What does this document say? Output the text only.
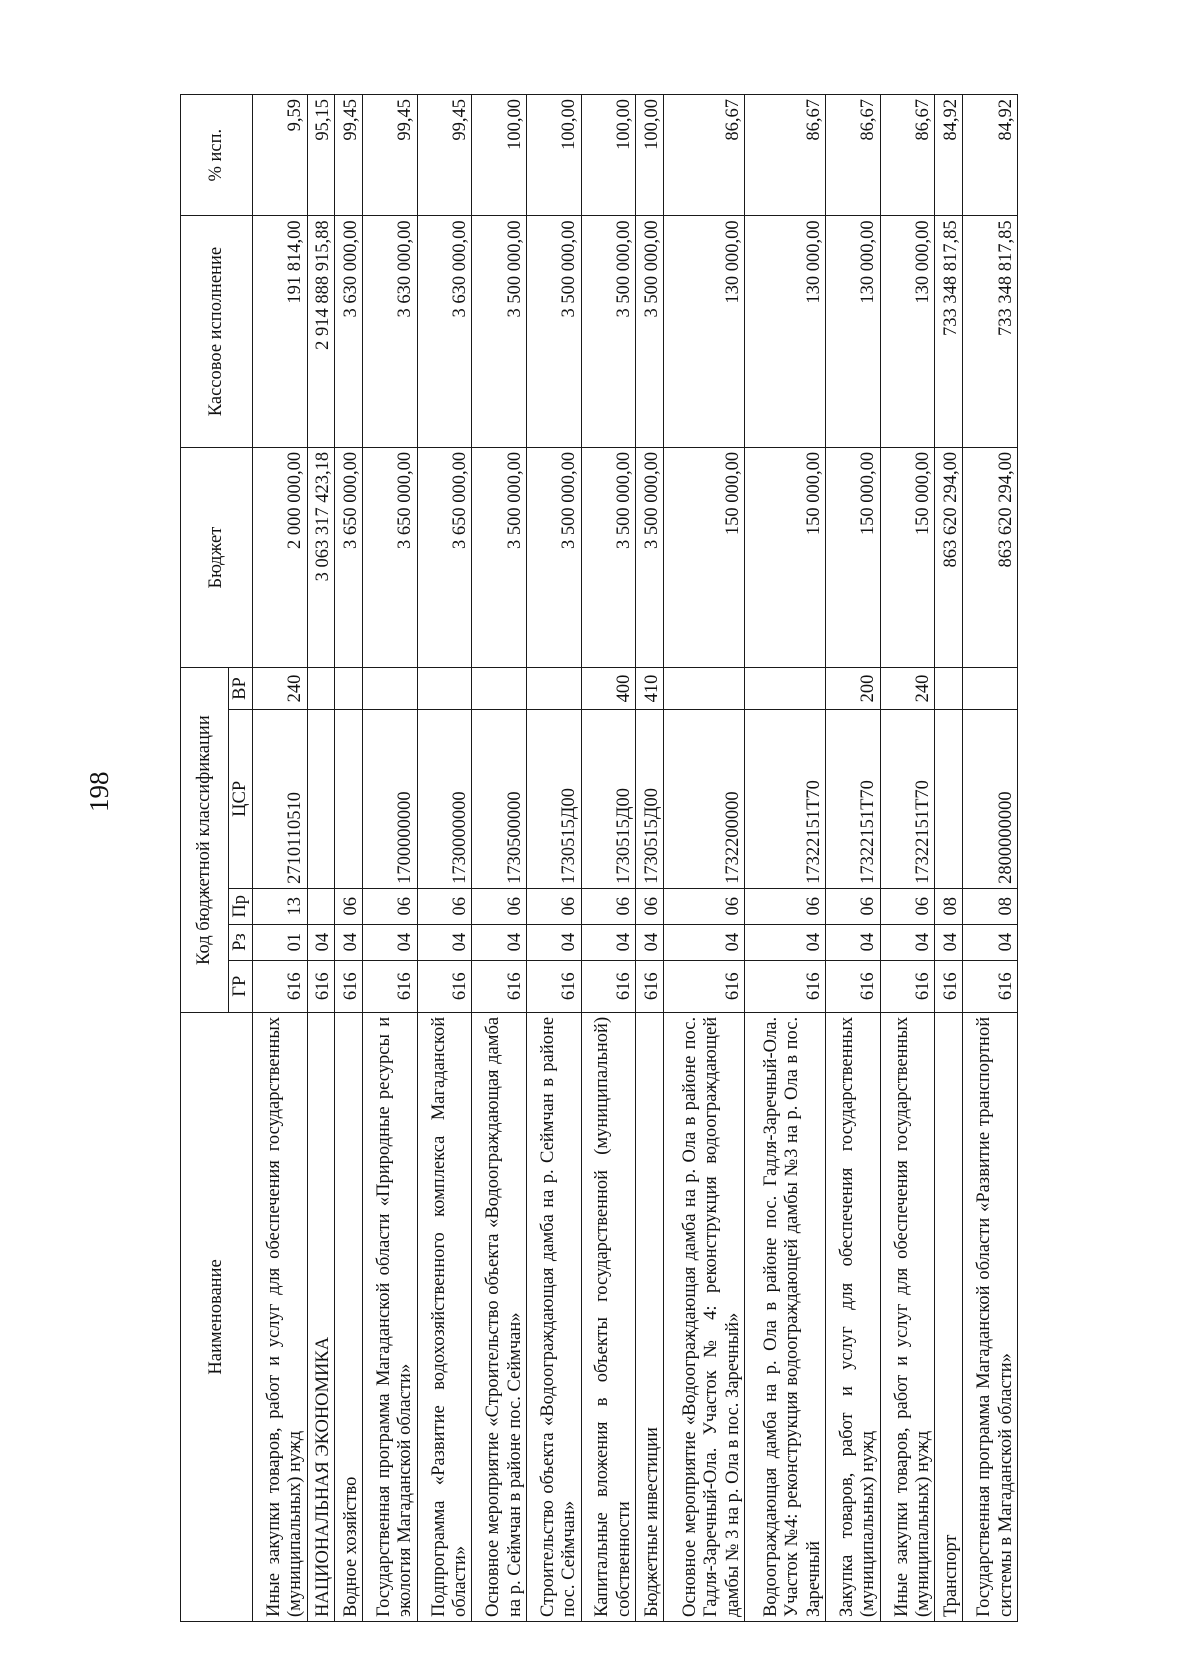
198
Наименование	Код бюджетной классификации					Бюджет	Кассовое исполнение	% исп.
	ГР	Рз	Пр	ЦСР	ВР			
Иные закупки товаров, работ и услуг для обеспечения государственных (муниципальных) нужд	616	01	13	2710110510	240	2 000 000,00	191 814,00	9,59
НАЦИОНАЛЬНАЯ ЭКОНОМИКА	616	04				3 063 317 423,18	2 914 888 915,88	95,15
Водное хозяйство	616	04	06			3 650 000,00	3 630 000,00	99,45
Государственная программа Магаданской области «Природные ресурсы и экология Магаданской области»	616	04	06	1700000000		3 650 000,00	3 630 000,00	99,45
Подпрограмма «Развитие водохозяйственного комплекса Магаданской области»	616	04	06	1730000000		3 650 000,00	3 630 000,00	99,45
Основное мероприятие «Строительство объекта «Водоограждающая дамба на р. Сеймчан в районе пос. Сеймчан»	616	04	06	1730500000		3 500 000,00	3 500 000,00	100,00
Строительство объекта «Водоограждающая дамба на р. Сеймчан в районе пос. Сеймчан»	616	04	06	1730515Д00		3 500 000,00	3 500 000,00	100,00
Капитальные вложения в объекты государственной (муниципальной) собственности	616	04	06	1730515Д00	400	3 500 000,00	3 500 000,00	100,00
Бюджетные инвестиции	616	04	06	1730515Д00	410	3 500 000,00	3 500 000,00	100,00
Основное мероприятие «Водоограждающая дамба на р. Ола в районе пос. Гадля-Заречный-Ола. Участок № 4: реконструкция водоограждающей дамбы № 3 на р. Ола в пос. Заречный»	616	04	06	1732200000		150 000,00	130 000,00	86,67
Водоограждающая дамба на р. Ола в районе пос. Гадля-Заречный-Ола. Участок №4: реконструкция водоограждающей дамбы №3 на р. Ола в пос. Заречный	616	04	06	17322151Т70		150 000,00	130 000,00	86,67
Закупка товаров, работ и услуг для обеспечения государственных (муниципальных) нужд	616	04	06	17322151Т70	200	150 000,00	130 000,00	86,67
Иные закупки товаров, работ и услуг для обеспечения государственных (муниципальных) нужд	616	04	06	17322151Т70	240	150 000,00	130 000,00	86,67
Транспорт	616	04	08			863 620 294,00	733 348 817,85	84,92
Государственная программа Магаданской области «Развитие транспортной системы в Магаданской области»	616	04	08	2800000000		863 620 294,00	733 348 817,85	84,92
